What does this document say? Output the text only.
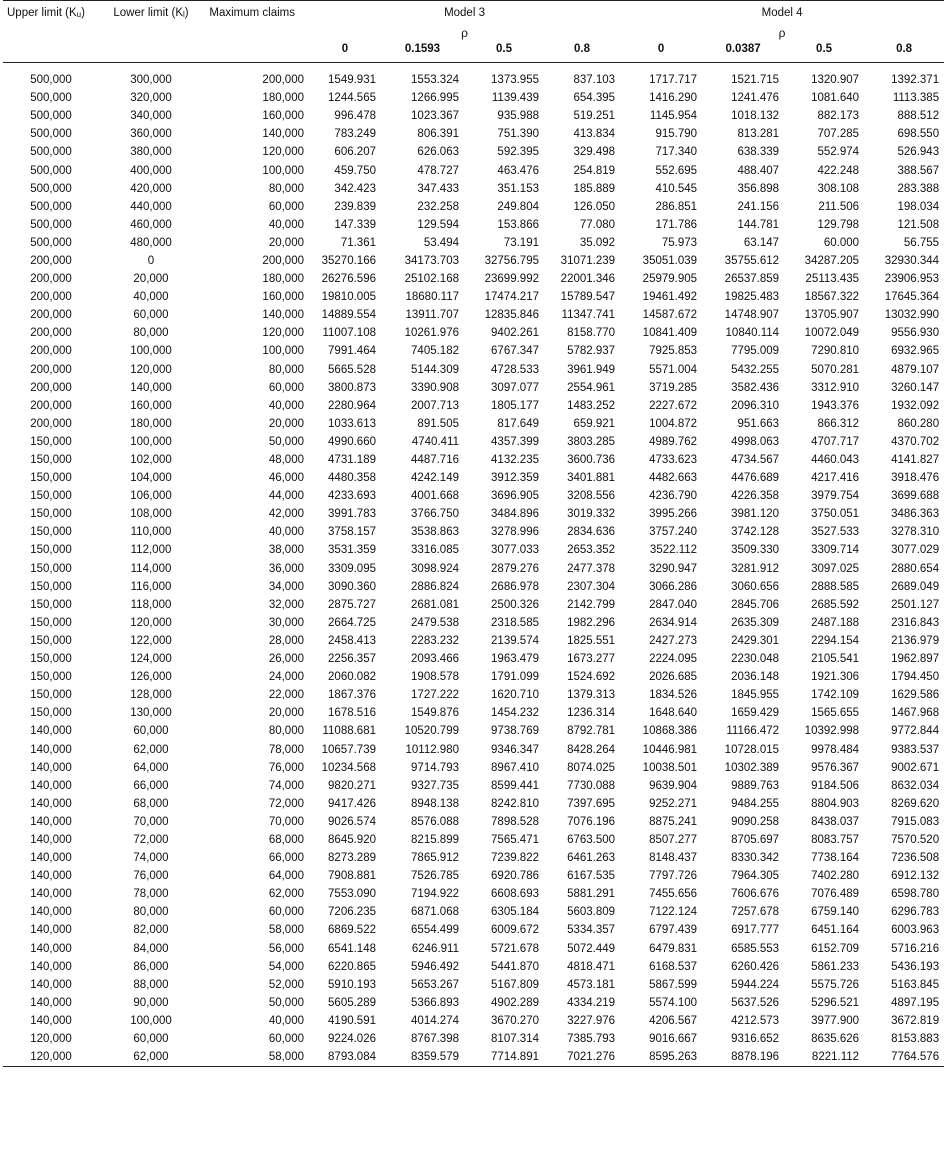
Upper limit (Ku)	Lower limit (Kl)	Maximum claims	Model 3				Model 4			
			ρ				ρ			
			0	0.1593	0.5	0.8	0	0.0387	0.5	0.8
500,000	300,000	200,000	1549.931	1553.324	1373.955	837.103	1717.717	1521.715	1320.907	1392.371
500,000	320,000	180,000	1244.565	1266.995	1139.439	654.395	1416.290	1241.476	1081.640	1113.385
500,000	340,000	160,000	996.478	1023.367	935.988	519.251	1145.954	1018.132	882.173	888.512
500,000	360,000	140,000	783.249	806.391	751.390	413.834	915.790	813.281	707.285	698.550
500,000	380,000	120,000	606.207	626.063	592.395	329.498	717.340	638.339	552.974	526.943
500,000	400,000	100,000	459.750	478.727	463.476	254.819	552.695	488.407	422.248	388.567
500,000	420,000	80,000	342.423	347.433	351.153	185.889	410.545	356.898	308.108	283.388
500,000	440,000	60,000	239.839	232.258	249.804	126.050	286.851	241.156	211.506	198.034
500,000	460,000	40,000	147.339	129.594	153.866	77.080	171.786	144.781	129.798	121.508
500,000	480,000	20,000	71.361	53.494	73.191	35.092	75.973	63.147	60.000	56.755
200,000	0	200,000	35270.166	34173.703	32756.795	31071.239	35051.039	35755.612	34287.205	32930.344
200,000	20,000	180,000	26276.596	25102.168	23699.992	22001.346	25979.905	26537.859	25113.435	23906.953
200,000	40,000	160,000	19810.005	18680.117	17474.217	15789.547	19461.492	19825.483	18567.322	17645.364
200,000	60,000	140,000	14889.554	13911.707	12835.846	11347.741	14587.672	14748.907	13705.907	13032.990
200,000	80,000	120,000	11007.108	10261.976	9402.261	8158.770	10841.409	10840.114	10072.049	9556.930
200,000	100,000	100,000	7991.464	7405.182	6767.347	5782.937	7925.853	7795.009	7290.810	6932.965
200,000	120,000	80,000	5665.528	5144.309	4728.533	3961.949	5571.004	5432.255	5070.281	4879.107
200,000	140,000	60,000	3800.873	3390.908	3097.077	2554.961	3719.285	3582.436	3312.910	3260.147
200,000	160,000	40,000	2280.964	2007.713	1805.177	1483.252	2227.672	2096.310	1943.376	1932.092
200,000	180,000	20,000	1033.613	891.505	817.649	659.921	1004.872	951.663	866.312	860.280
150,000	100,000	50,000	4990.660	4740.411	4357.399	3803.285	4989.762	4998.063	4707.717	4370.702
150,000	102,000	48,000	4731.189	4487.716	4132.235	3600.736	4733.623	4734.567	4460.043	4141.827
150,000	104,000	46,000	4480.358	4242.149	3912.359	3401.881	4482.663	4476.689	4217.416	3918.476
150,000	106,000	44,000	4233.693	4001.668	3696.905	3208.556	4236.790	4226.358	3979.754	3699.688
150,000	108,000	42,000	3991.783	3766.750	3484.896	3019.332	3995.266	3981.120	3750.051	3486.363
150,000	110,000	40,000	3758.157	3538.863	3278.996	2834.636	3757.240	3742.128	3527.533	3278.310
150,000	112,000	38,000	3531.359	3316.085	3077.033	2653.352	3522.112	3509.330	3309.714	3077.029
150,000	114,000	36,000	3309.095	3098.924	2879.276	2477.378	3290.947	3281.912	3097.025	2880.654
150,000	116,000	34,000	3090.360	2886.824	2686.978	2307.304	3066.286	3060.656	2888.585	2689.049
150,000	118,000	32,000	2875.727	2681.081	2500.326	2142.799	2847.040	2845.706	2685.592	2501.127
150,000	120,000	30,000	2664.725	2479.538	2318.585	1982.296	2634.914	2635.309	2487.188	2316.843
150,000	122,000	28,000	2458.413	2283.232	2139.574	1825.551	2427.273	2429.301	2294.154	2136.979
150,000	124,000	26,000	2256.357	2093.466	1963.479	1673.277	2224.095	2230.048	2105.541	1962.897
150,000	126,000	24,000	2060.082	1908.578	1791.099	1524.692	2026.685	2036.148	1921.306	1794.450
150,000	128,000	22,000	1867.376	1727.222	1620.710	1379.313	1834.526	1845.955	1742.109	1629.586
150,000	130,000	20,000	1678.516	1549.876	1454.232	1236.314	1648.640	1659.429	1565.655	1467.968
140,000	60,000	80,000	11088.681	10520.799	9738.769	8792.781	10868.386	11166.472	10392.998	9772.844
140,000	62,000	78,000	10657.739	10112.980	9346.347	8428.264	10446.981	10728.015	9978.484	9383.537
140,000	64,000	76,000	10234.568	9714.793	8967.410	8074.025	10038.501	10302.389	9576.367	9002.671
140,000	66,000	74,000	9820.271	9327.735	8599.441	7730.088	9639.904	9889.763	9184.506	8632.034
140,000	68,000	72,000	9417.426	8948.138	8242.810	7397.695	9252.271	9484.255	8804.903	8269.620
140,000	70,000	70,000	9026.574	8576.088	7898.528	7076.196	8875.241	9090.258	8438.037	7915.083
140,000	72,000	68,000	8645.920	8215.899	7565.471	6763.500	8507.277	8705.697	8083.757	7570.520
140,000	74,000	66,000	8273.289	7865.912	7239.822	6461.263	8148.437	8330.342	7738.164	7236.508
140,000	76,000	64,000	7908.881	7526.785	6920.786	6167.535	7797.726	7964.305	7402.280	6912.132
140,000	78,000	62,000	7553.090	7194.922	6608.693	5881.291	7455.656	7606.676	7076.489	6598.780
140,000	80,000	60,000	7206.235	6871.068	6305.184	5603.809	7122.124	7257.678	6759.140	6296.783
140,000	82,000	58,000	6869.522	6554.499	6009.672	5334.357	6797.439	6917.777	6451.164	6003.963
140,000	84,000	56,000	6541.148	6246.911	5721.678	5072.449	6479.831	6585.553	6152.709	5716.216
140,000	86,000	54,000	6220.865	5946.492	5441.870	4818.471	6168.537	6260.426	5861.233	5436.193
140,000	88,000	52,000	5910.193	5653.267	5167.809	4573.181	5867.599	5944.224	5575.726	5163.845
140,000	90,000	50,000	5605.289	5366.893	4902.289	4334.219	5574.100	5637.526	5296.521	4897.195
140,000	100,000	40,000	4190.591	4014.274	3670.270	3227.976	4206.567	4212.573	3977.900	3672.819
120,000	60,000	60,000	9224.026	8767.398	8107.314	7385.793	9016.667	9316.652	8635.626	8153.883
120,000	62,000	58,000	8793.084	8359.579	7714.891	7021.276	8595.263	8878.196	8221.112	7764.576
